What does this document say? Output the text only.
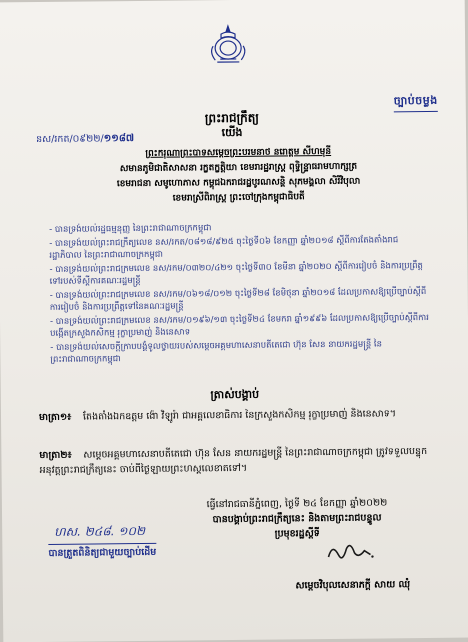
ច្បាប់ចម្លង
ព្រះរាជក្រឹត្យ
យើង
នស/រកត/០៩២២/១១៨៧
ព្រះករុណាព្រះបាទសម្តេចព្រះបរមនាថ នរោត្តម សីហមុនី
សមានភូមិជាតិសាសនា រក្ខតក្ខត្តិយា ខេមរារដ្ឋរាស្ត្រ ពុទ្ធិន្ទ្រាធរាមហាក្សត្រ
ខេមរាជនា សមូហោភាស កម្ពុជឯករាជរដ្ឋបូរណសន្តិ សុភមង្គលា សិរីវិបុលា
ខេមរាស្រីពិរាស្ត្រ ព្រះចៅក្រុងកម្ពុជាធិបតី
- បានទ្រង់យល់រដ្ឋធម្មនុញ្ញ នៃព្រះរាជាណាចក្រកម្ពុជា
- បានទ្រង់យល់ព្រះរាជក្រឹត្យលេខ នស/រកត/០៨១៨/៩២៥ ចុះថ្ងៃទី០៦ ខែកញ្ញា ឆ្នាំ២០១៨ ស្តីពីការតែងតាំងរាជរដ្ឋាភិបាល នៃព្រះរាជាណាចក្រកម្ពុជា
- បានទ្រង់យល់ព្រះរាជក្រមលេខ នស/រកម/០៣២០/៤២១ ចុះថ្ងៃទី៣០ ខែមីនា ឆ្នាំ២០២០ ស្តីពីការរៀបចំ និងការប្រព្រឹត្តទៅរបស់ទីស្តីការគណៈរដ្ឋមន្ត្រី
- បានទ្រង់យល់ព្រះរាជក្រមលេខ នស/រកម/០៦១៨/០១២ ចុះថ្ងៃទី២៨ ខែមិថុនា ឆ្នាំ២០១៨ ដែលប្រកាសឱ្យប្រើច្បាប់ស្តីពីការរៀបចំ និងការប្រព្រឹត្តទៅនៃគណៈរដ្ឋមន្ត្រី
- បានទ្រង់យល់ព្រះរាជក្រមលេខ នស/រកម/០១៩៦/១៣ ចុះថ្ងៃទី២៤ ខែមករា ឆ្នាំ១៩៩៦ ដែលប្រកាសឱ្យប្រើច្បាប់ស្តីពីការបង្កើតក្រសួងកសិកម្ម រុក្ខាប្រមាញ់ និងនេសាទ
- បានទ្រង់យល់សេចក្តីក្រាបបង្គំទូលថ្វាយរបស់សម្តេចអគ្គមហាសេនាបតីតេជោ ហ៊ុន សែន នាយករដ្ឋមន្ត្រី នៃព្រះរាជាណាចក្រកម្ពុជា
ត្រាស់បង្គាប់
មាត្រា១៖ តែងតាំងឯកឧត្តម ង៉ោ វិឡូរ៉ា ជាអគ្គលេខាធិការ នៃក្រសួងកសិកម្ម រុក្ខាប្រមាញ់ និងនេសាទ។
មាត្រា២៖ សម្តេចអគ្គមហាសេនាបតីតេជោ ហ៊ុន សែន នាយករដ្ឋមន្ត្រី នៃព្រះរាជាណាចក្រកម្ពុជា ត្រូវទទួលបន្ទុកអនុវត្តព្រះរាជក្រឹត្យនេះ ចាប់ពីថ្ងៃឡាយព្រះហស្តលេខាតទៅ។
ធ្វើនៅរាជធានីភ្នំពេញ, ថ្ងៃទី ២៤ ខែកញ្ញា ឆ្នាំ២០២២
បានបង្គាប់ព្រះរាជក្រឹត្យនេះ និងតាមព្រះរាជបន្ទូល
ប្រមុខរដ្ឋស្តីទី
ហស. ២៤៨. ១០២
បានត្រួតពិនិត្យជាមួយច្បាប់ដើម
សម្តេចវិបុលសេនាភក្តី សាយ ឈុំ
